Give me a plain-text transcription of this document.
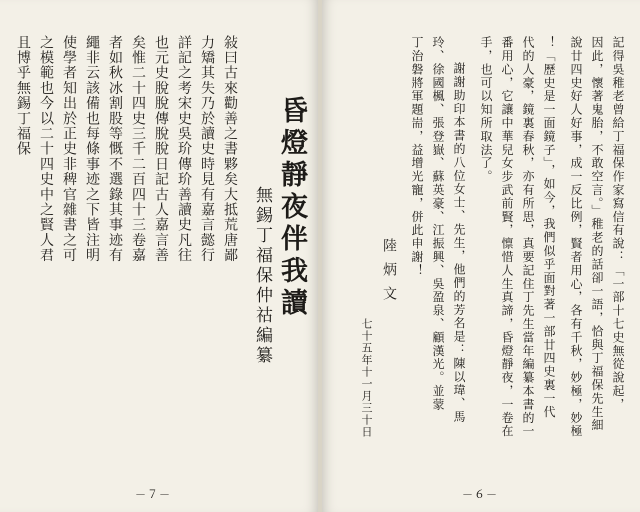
昏燈靜夜伴我讀
無錫丁福保仲祜編纂
敍曰古來勸善之書夥矣大抵荒唐鄙
力矯其失乃於讀史時見有嘉言懿行
詳記之考宋史吳玠傳玠善讀史凡往
也元史脫脫傳脫脫日記古人嘉言善
矣惟二十四史三千二百四十三卷嘉
者如秋冰割股等慨不選錄其事迹有
繩非云該備也每條事迹之下皆注明
使學者知出於正史非稗官雜書之可
之模範也今以二十四史中之賢人君
且博乎無錫丁福保
－７－
記得吳稚老曾給丁福保作家寫信有說：「一部十七史無從說起，
因此，懷著鬼胎，不敢空言。」稚老的話卻一語，恰與丁福保先生細
說廿四史好人好事，成一反比例，賢者用心，各有千秋，妙極，妙極
！「歷史是一面鏡子」，如今，我們似乎面對著一部廿四史裏一代
代的人豪，鏡裏春秋，亦有所思，真要記住丁先生當年編纂本書的一
番用心，它讓中華兒女步武前賢，懔惜人生真諦，昏燈靜夜，一卷在
手，也可以知所取法了。
謝謝助印本書的八位女士、先生，他們的芳名是：陳以瑋、馬
玲、徐國楓、張登嶽、蘇英豪、江振興、吳盈泉、顧漢光。並蒙
丁治磐將軍題耑，益增光寵，併此申謝！
陸炳文
七十五年十一月三十日
－６－
